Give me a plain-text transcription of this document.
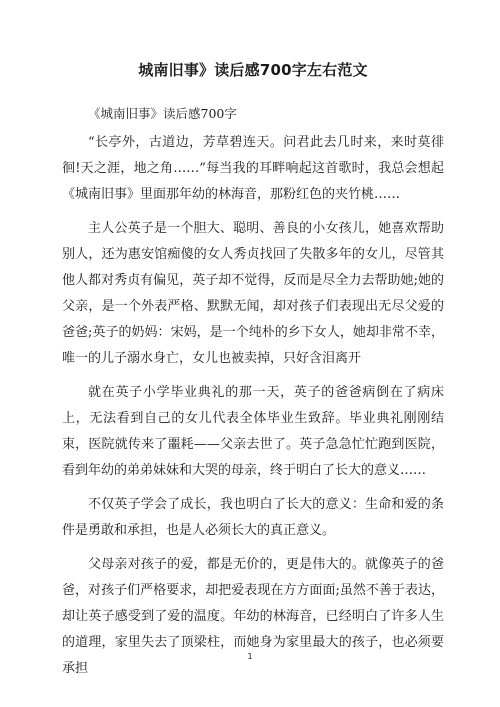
城南旧事》读后感700字左右范文
《城南旧事》读后感700字

“长亭外，古道边，芳草碧连天。问君此去几时来，来时莫徘徊!天之涯，地之角……”每当我的耳畔响起这首歌时，我总会想起《城南旧事》里面那年幼的林海音，那粉红色的夹竹桃……

主人公英子是一个胆大、聪明、善良的小女孩儿，她喜欢帮助别人，还为惠安馆痴傻的女人秀贞找回了失散多年的女儿，尽管其他人都对秀贞有偏见，英子却不觉得，反而是尽全力去帮助她;她的父亲，是一个外表严格、默默无闻，却对孩子们表现出无尽父爱的爸爸;英子的奶妈：宋妈，是一个纯朴的乡下女人，她却非常不幸，唯一的儿子溺水身亡，女儿也被卖掉，只好含泪离开

就在英子小学毕业典礼的那一天，英子的爸爸病倒在了病床上，无法看到自己的女儿代表全体毕业生致辞。毕业典礼刚刚结束，医院就传来了噩耗——父亲去世了。英子急急忙忙跑到医院，看到年幼的弟弟妹妹和大哭的母亲，终于明白了长大的意义……

不仅英子学会了成长，我也明白了长大的意义：生命和爱的条件是勇敢和承担，也是人必须长大的真正意义。

父母亲对孩子的爱，都是无价的，更是伟大的。就像英子的爸爸，对孩子们严格要求，却把爱表现在方方面面;虽然不善于表达，却让英子感受到了爱的温度。年幼的林海音，已经明白了许多人生的道理，家里失去了顶梁柱，而她身为家里最大的孩子，也必须要承担

1
